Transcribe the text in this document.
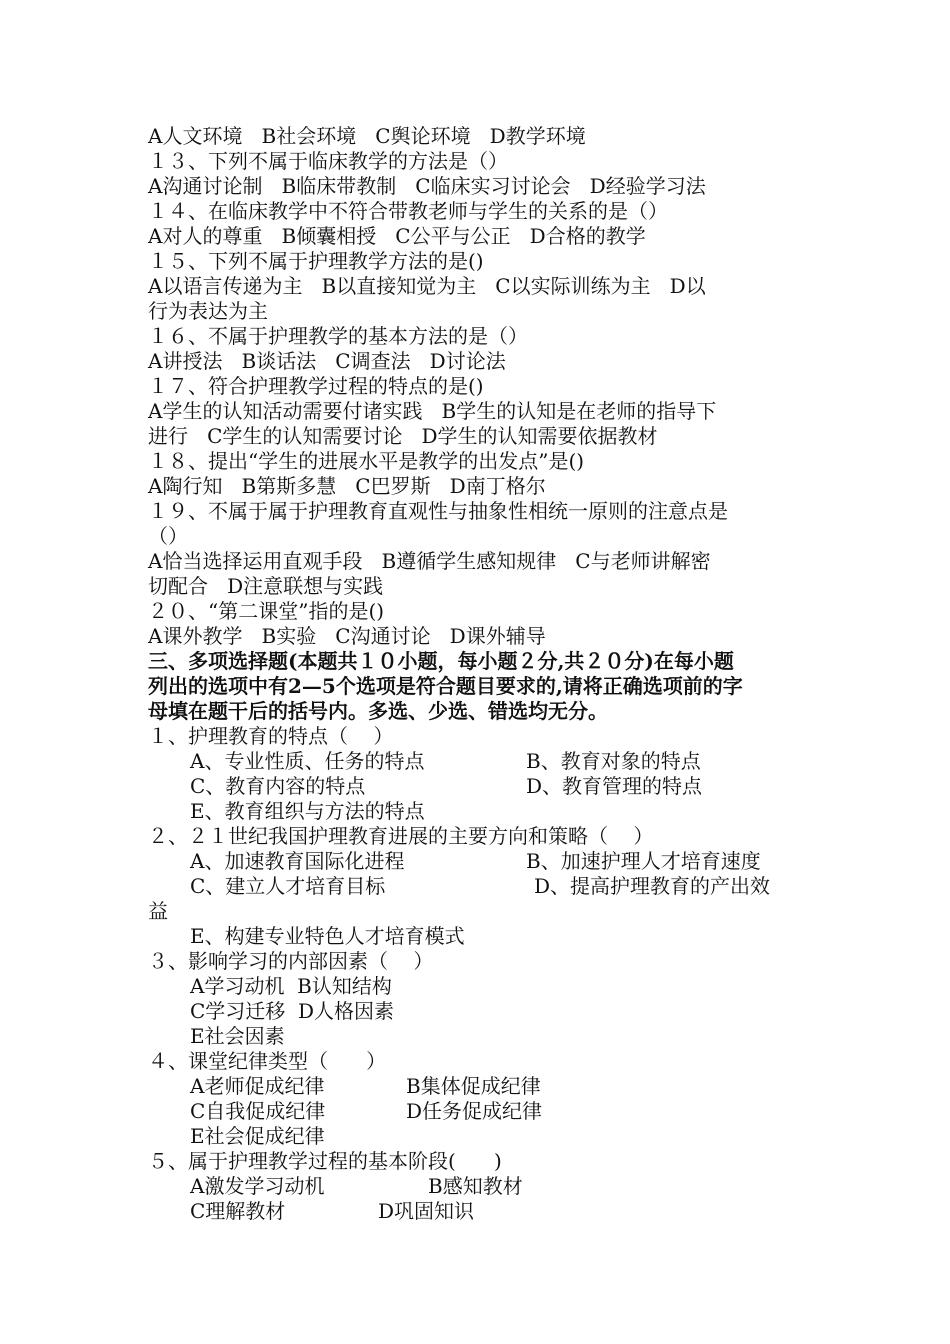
A人文环境   B社会环境   C舆论环境   D教学环境
１３、下列不属于临床教学的方法是（）
A沟通讨论制   B临床带教制   C临床实习讨论会   D经验学习法
１４、在临床教学中不符合带教老师与学生的关系的是（）
A对人的尊重   B倾囊相授   C公平与公正   D合格的教学
１５、下列不属于护理教学方法的是()
A以语言传递为主   B以直接知觉为主   C以实际训练为主   D以
行为表达为主
１６、不属于护理教学的基本方法的是（）
A讲授法   B谈话法   C调查法   D讨论法
１７、符合护理教学过程的特点的是()
A学生的认知活动需要付诸实践   B学生的认知是在老师的指导下
进行   C学生的认知需要讨论   D学生的认知需要依据教材
１８、提出“学生的进展水平是教学的出发点”是()
A陶行知   B第斯多慧   C巴罗斯   D南丁格尔
１９、不属于属于护理教育直观性与抽象性相统一原则的注意点是
（）
A恰当选择运用直观手段   B遵循学生感知规律   C与老师讲解密
切配合   D注意联想与实践
２０、“第二课堂”指的是()
A课外教学   B实验   C沟通讨论   D课外辅导
三、多项选择题(本题共１０小题，每小题２分,共２０分)在每小题
列出的选项中有2—5个选项是符合题目要求的,请将正确选项前的字
母填在题干后的括号内。多选、少选、错选均无分。
１、护理教育的特点（    ）
A、专业性质、任务的特点	B、教育对象的特点
C、教育内容的特点	D、教育管理的特点
E、教育组织与方法的特点
２、２１世纪我国护理教育进展的主要方向和策略（    ）
A、加速教育国际化进程	B、加速护理人才培育速度
C、建立人才培育目标	D、提高护理教育的产出效
益
E、构建专业特色人才培育模式
３、影响学习的内部因素（    ）
A学习动机  B认知结构
C学习迁移  D人格因素
E社会因素
４、课堂纪律类型（      ）
A老师促成纪律	B集体促成纪律
C自我促成纪律	D任务促成纪律
E社会促成纪律
５、属于护理教学过程的基本阶段(      )
A激发学习动机	B感知教材
C理解教材	D巩固知识
